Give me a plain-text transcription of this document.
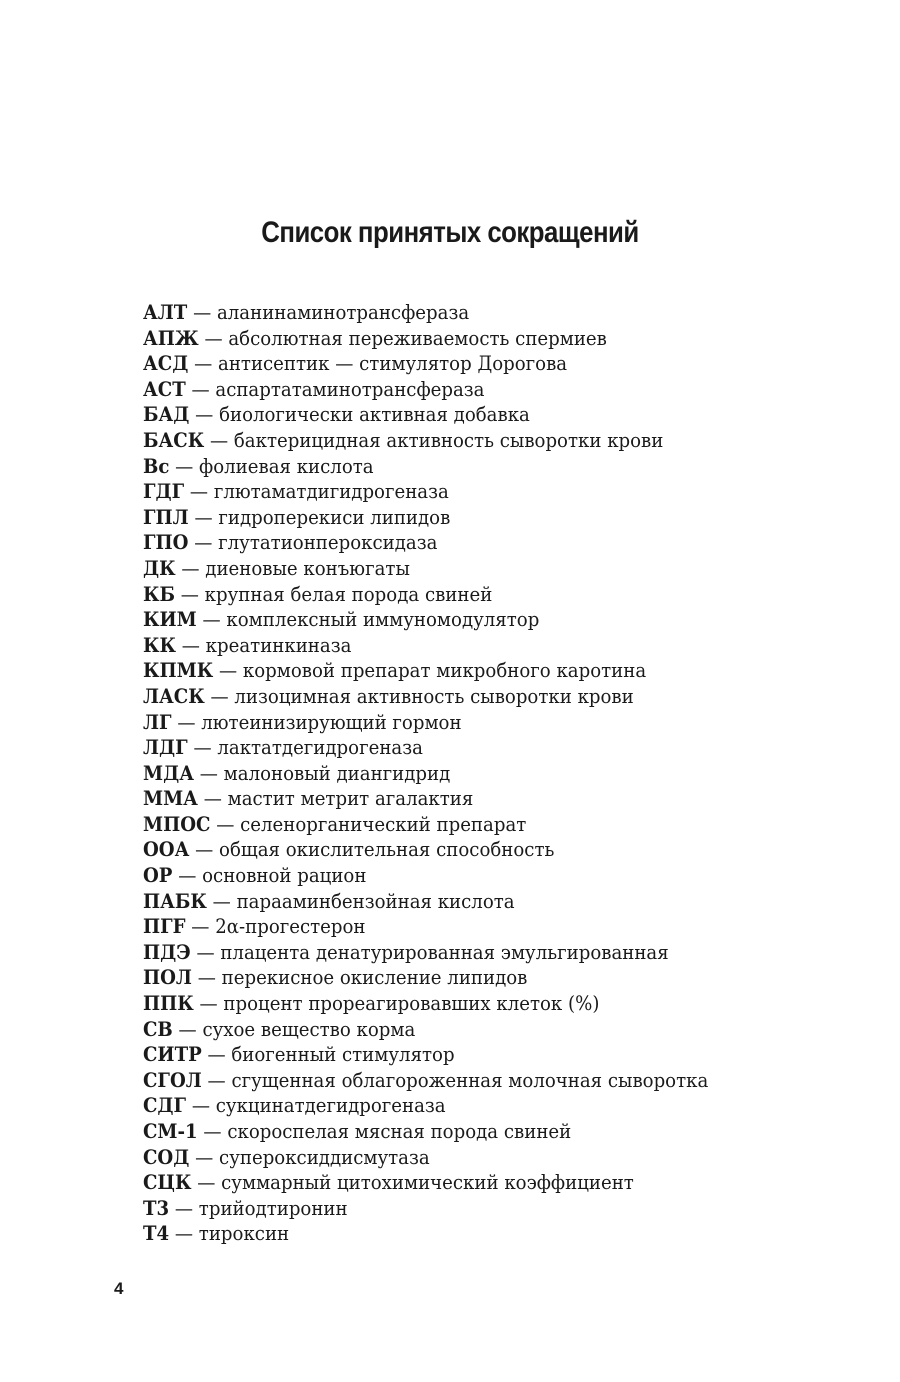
Список принятых сокращений
АЛТ — аланинаминотрансфераза
АПЖ — абсолютная переживаемость спермиев
АСД — антисептик — стимулятор Дорогова
АСТ — аспартатаминотрансфераза
БАД — биологически активная добавка
БАСК — бактерицидная активность сыворотки крови
Вс — фолиевая кислота
ГДГ — глютаматдигидрогеназа
ГПЛ — гидроперекиси липидов
ГПО — глутатионпероксидаза
ДК — диеновые конъюгаты
КБ — крупная белая порода свиней
КИМ — комплексный иммуномодулятор
КК — креатинкиназа
КПМК — кормовой препарат микробного каротина
ЛАСК — лизоцимная активность сыворотки крови
ЛГ — лютеинизирующий гормон
ЛДГ — лактатдегидрогеназа
МДА — малоновый диангидрид
ММА — мастит метрит агалактия
МПОС — селенорганический препарат
ООА — общая окислительная способность
ОР — основной рацион
ПАБК — парааминбензойная кислота
ПГF — 2α-прогестерон
ПДЭ — плацента денатурированная эмульгированная
ПОЛ — перекисное окисление липидов
ППК — процент прореагировавших клеток (%)
СВ — сухое вещество корма
СИТР — биогенный стимулятор
СГОЛ — сгущенная облагороженная молочная сыворотка
СДГ — сукцинатдегидрогеназа
СМ-1 — скороспелая мясная порода свиней
СОД — супероксиддисмутаза
СЦК — суммарный цитохимический коэффициент
Т3 — трийодтиронин
Т4 — тироксин
4
